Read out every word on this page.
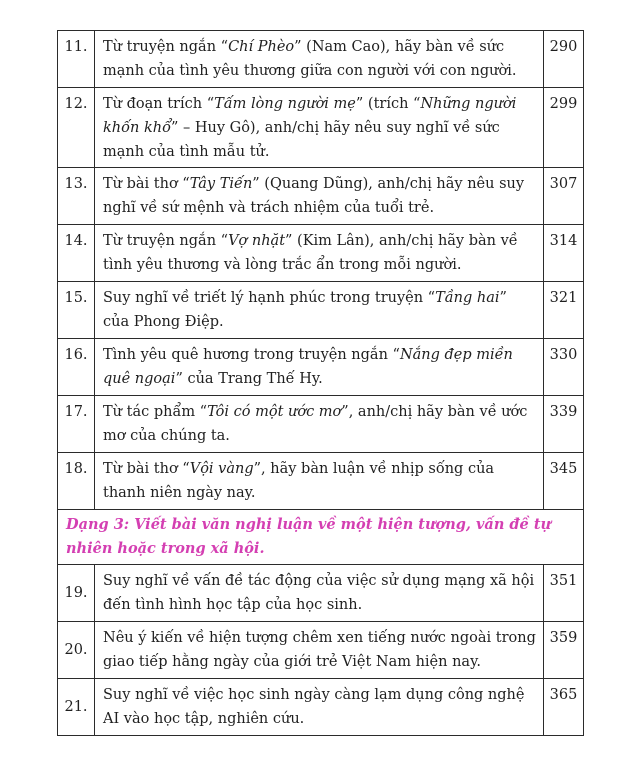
11.	Từ truyện ngắn “Chí Phèo” (Nam Cao), hãy bàn về sức mạnh của tình yêu thương giữa con người với con người.	290
12.	Từ đoạn trích “Tấm lòng người mẹ” (trích “Những người khốn khổ” – Huy Gô), anh/chị hãy nêu suy nghĩ về sức mạnh của tình mẫu tử.	299
13.	Từ bài thơ “Tây Tiến” (Quang Dũng), anh/chị hãy nêu suy nghĩ về sứ mệnh và trách nhiệm của tuổi trẻ.	307
14.	Từ truyện ngắn “Vợ nhặt” (Kim Lân), anh/chị hãy bàn về tình yêu thương và lòng trắc ẩn trong mỗi người.	314
15.	Suy nghĩ về triết lý hạnh phúc trong truyện “Tầng hai” của Phong Điệp.	321
16.	Tình yêu quê hương trong truyện ngắn “Nắng đẹp miền quê ngoại” của Trang Thế Hy.	330
17.	Từ tác phẩm “Tôi có một ước mơ”, anh/chị hãy bàn về ước mơ của chúng ta.	339
18.	Từ bài thơ “Vội vàng”, hãy bàn luận về nhịp sống của thanh niên ngày nay.	345
Dạng 3: Viết bài văn nghị luận về một hiện tượng, vấn đề tự nhiên hoặc trong xã hội.		
19.	Suy nghĩ về vấn đề tác động của việc sử dụng mạng xã hội đến tình hình học tập của học sinh.	351
20.	Nêu ý kiến về hiện tượng chêm xen tiếng nước ngoài trong giao tiếp hằng ngày của giới trẻ Việt Nam hiện nay.	359
21.	Suy nghĩ về việc học sinh ngày càng lạm dụng công nghệ AI vào học tập, nghiên cứu.	365
